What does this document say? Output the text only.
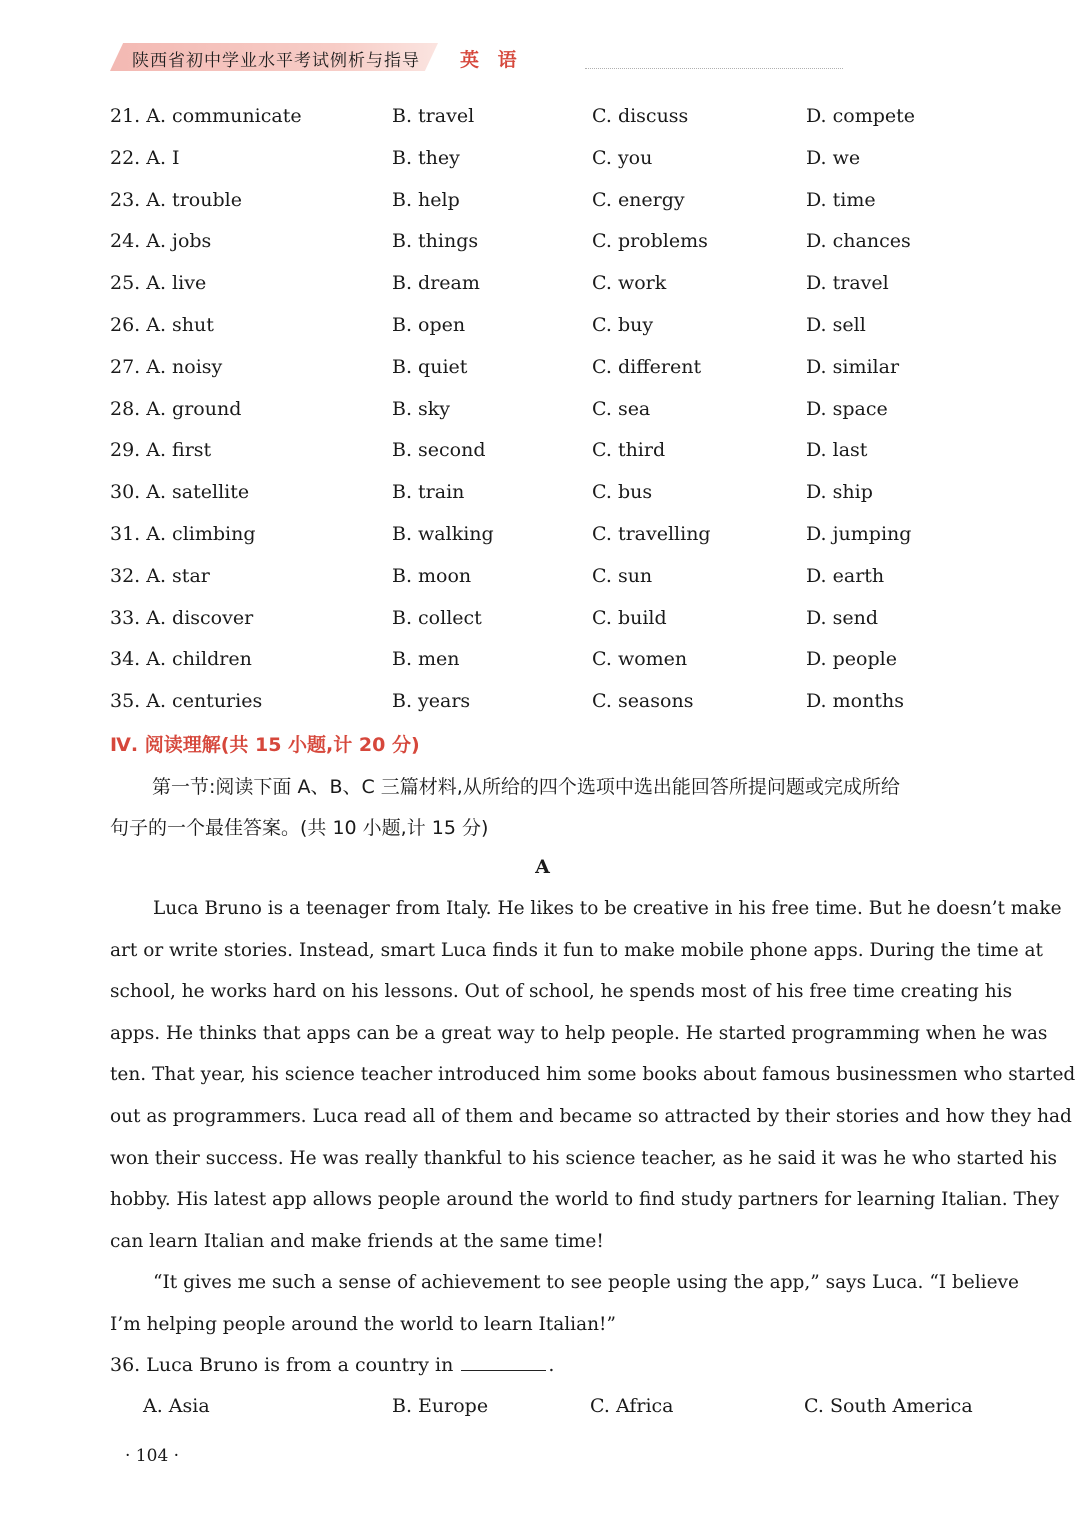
陕西省初中学业水平考试例析与指导 英 语
21. A. communicate	B. travel	C. discuss	D. compete
22. A. I	B. they	C. you	D. we
23. A. trouble	B. help	C. energy	D. time
24. A. jobs	B. things	C. problems	D. chances
25. A. live	B. dream	C. work	D. travel
26. A. shut	B. open	C. buy	D. sell
27. A. noisy	B. quiet	C. different	D. similar
28. A. ground	B. sky	C. sea	D. space
29. A. first	B. second	C. third	D. last
30. A. satellite	B. train	C. bus	D. ship
31. A. climbing	B. walking	C. travelling	D. jumping
32. A. star	B. moon	C. sun	D. earth
33. A. discover	B. collect	C. build	D. send
34. A. children	B. men	C. women	D. people
35. A. centuries	B. years	C. seasons	D. months
Ⅳ. 阅读理解(共 15 小题,计 20 分)
第一节:阅读下面 A、B、C 三篇材料,从所给的四个选项中选出能回答所提问题或完成所给
句子的一个最佳答案。(共 10 小题,计 15 分)
A
Luca Bruno is a teenager from Italy. He likes to be creative in his free time. But he doesn’t make
art or write stories. Instead, smart Luca finds it fun to make mobile phone apps. During the time at
school, he works hard on his lessons. Out of school, he spends most of his free time creating his
apps. He thinks that apps can be a great way to help people. He started programming when he was
ten. That year, his science teacher introduced him some books about famous businessmen who started
out as programmers. Luca read all of them and became so attracted by their stories and how they had
won their success. He was really thankful to his science teacher, as he said it was he who started his
hobby. His latest app allows people around the world to find study partners for learning Italian. They
can learn Italian and make friends at the same time!
“It gives me such a sense of achievement to see people using the app,” says Luca. “I believe
I’m helping people around the world to learn Italian!”
36. Luca Bruno is from a country in	.
A. Asia	B. Europe	C. Africa	C. South America
· 104 ·
